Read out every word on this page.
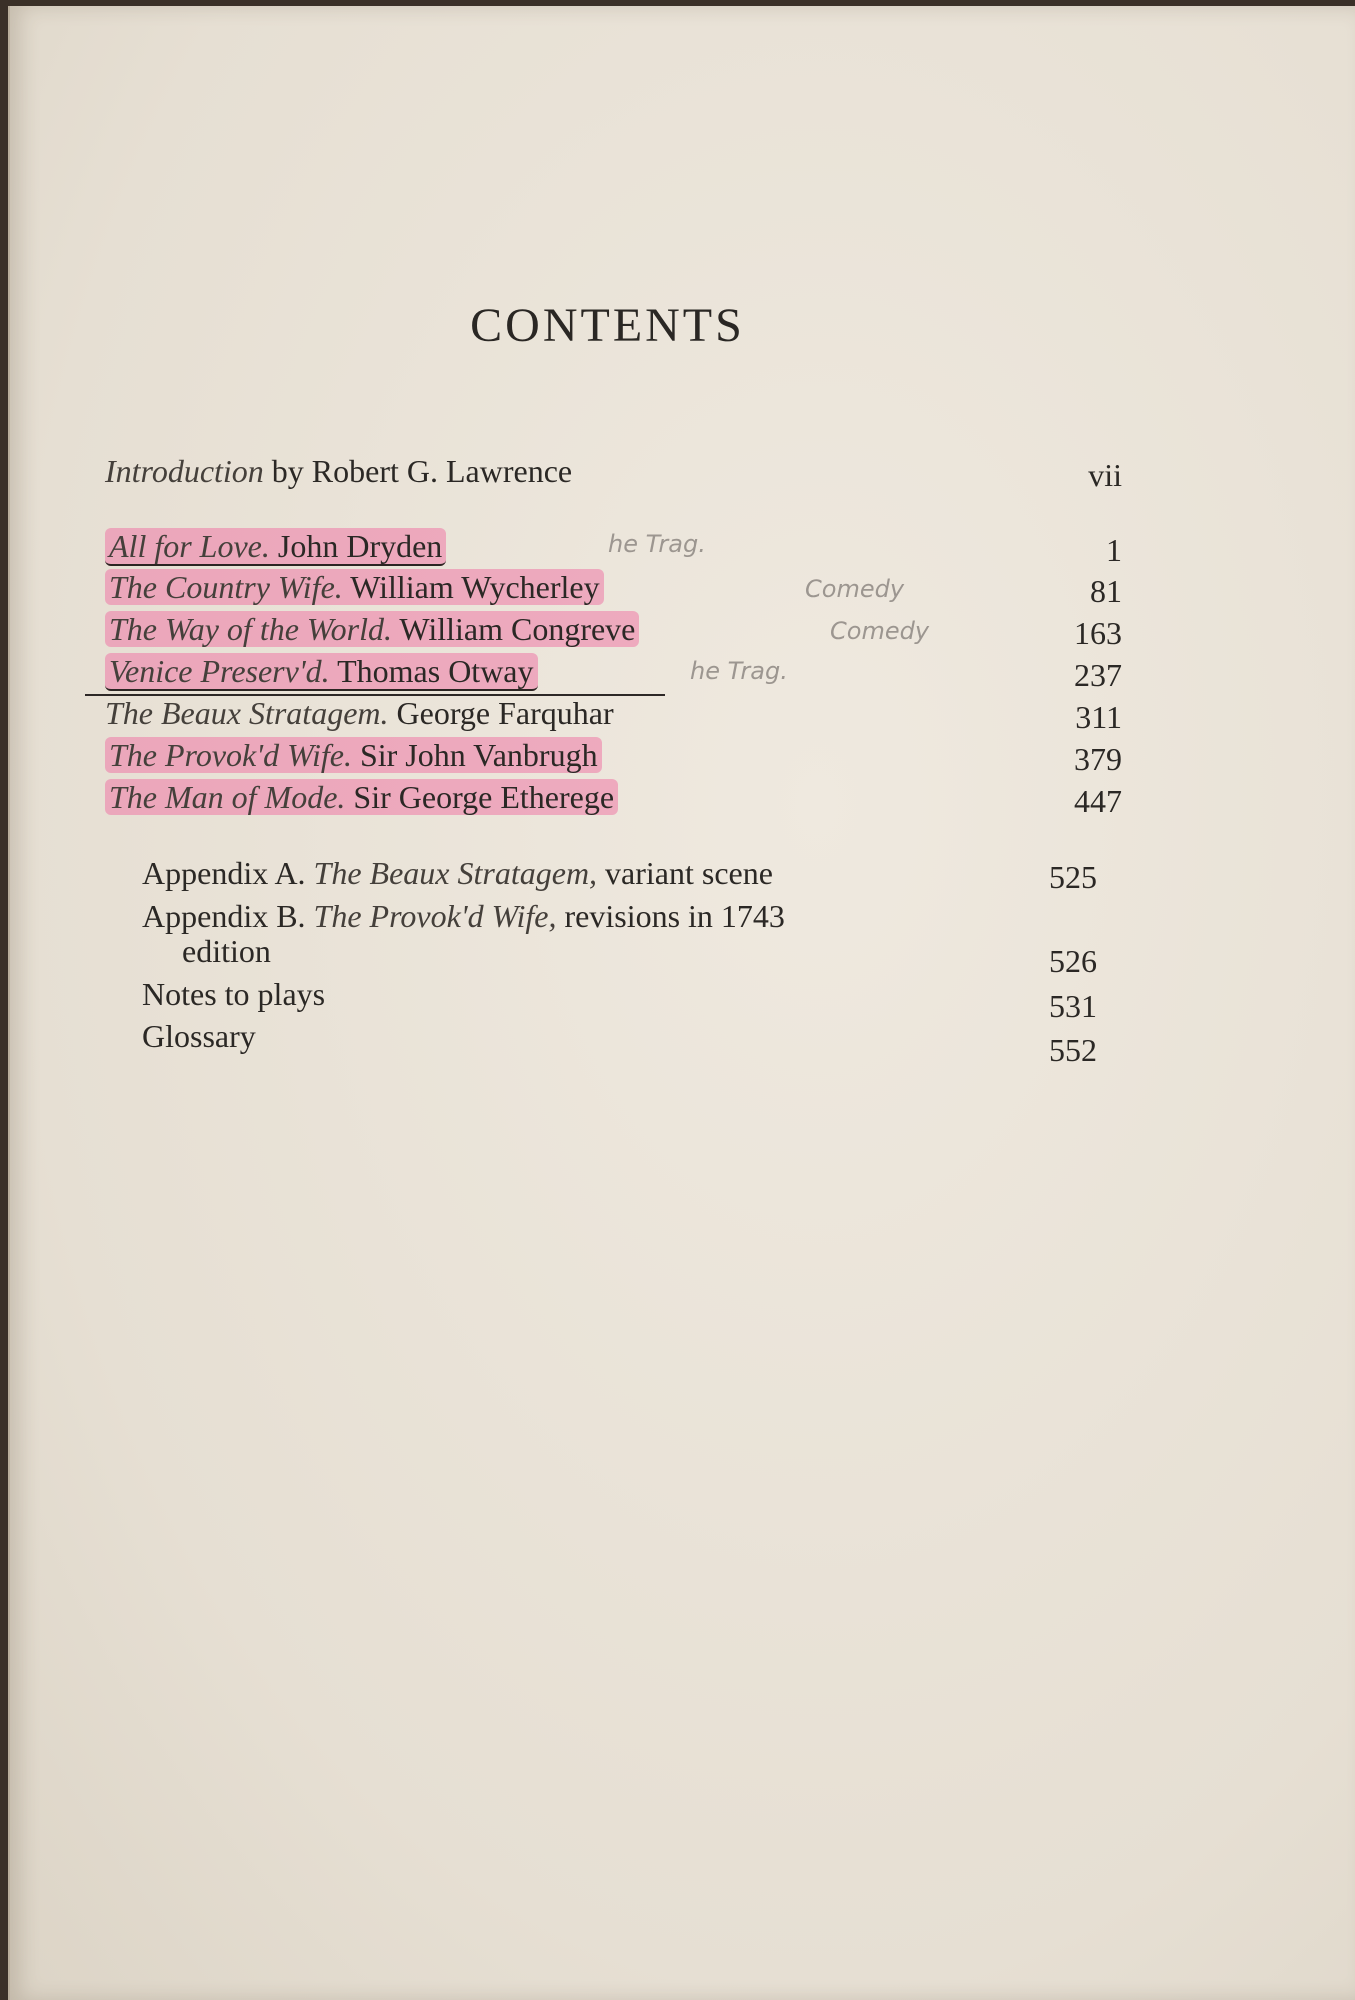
CONTENTS
Introduction by Robert G. Lawrence	vii
All for Love. John Dryden	he Trag.	1
The Country Wife. William Wycherley	Comedy	81
The Way of the World. William Congreve	Comedy	163
Venice Preserv'd. Thomas Otway	he Trag.	237
The Beaux Stratagem. George Farquhar	311
The Provok'd Wife. Sir John Vanbrugh	379
The Man of Mode. Sir George Etherege	447
Appendix A. The Beaux Stratagem, variant scene	525
Appendix B. The Provok'd Wife, revisions in 1743
edition	526
Notes to plays	531
Glossary	552
